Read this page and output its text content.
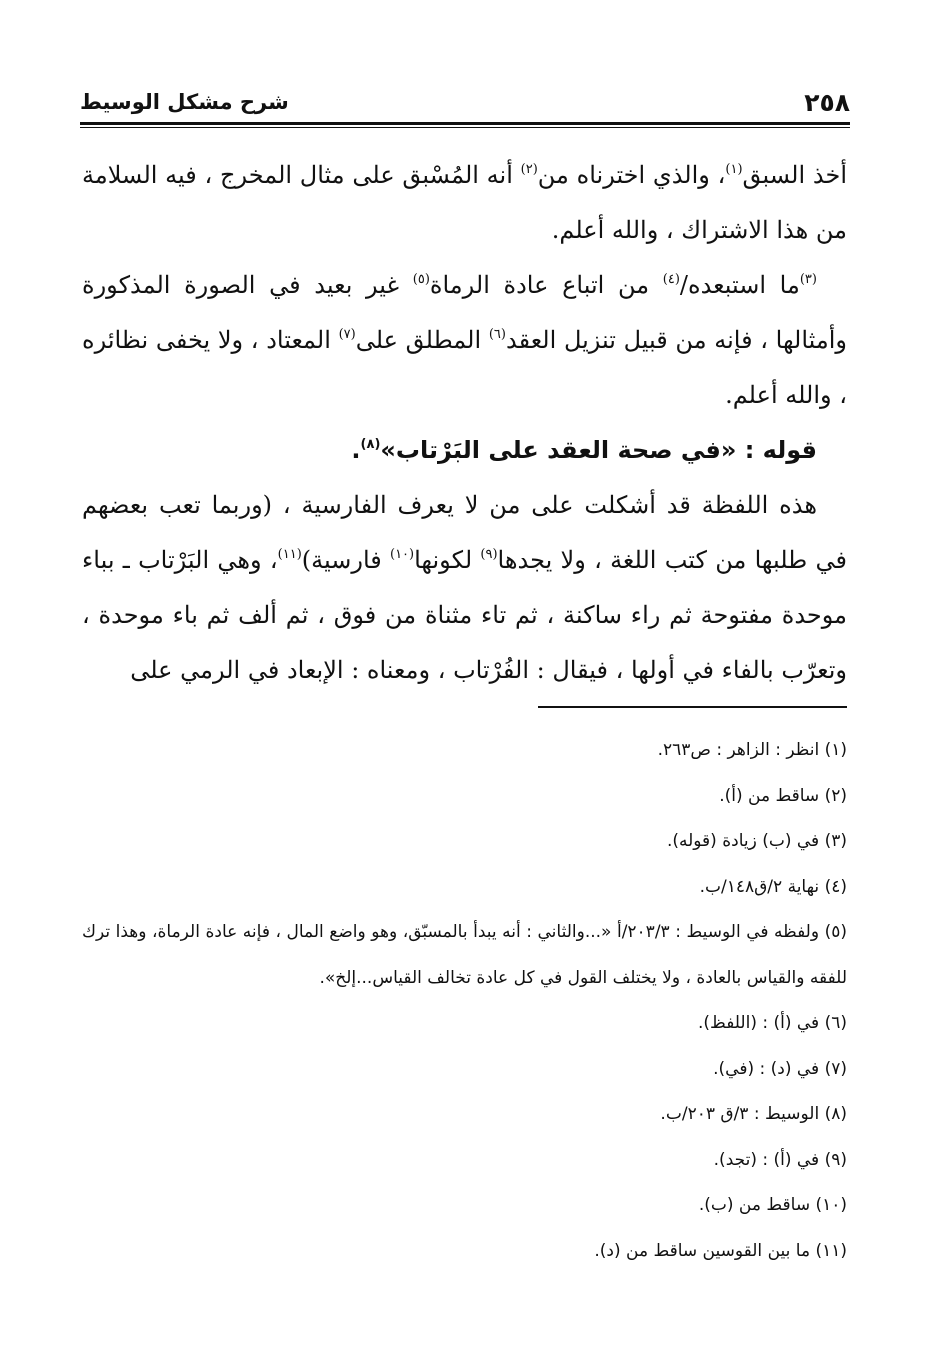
٢٥٨
شرح مشكل الوسيط

أخذ السبق$^{(١)}$، والذي اخترناه من$^{(٢)}$ أنه المُسْبق على مثال المخرج ، فيه السلامة من هذا الاشتراك ، والله أعلم.

$^{(٣)}$ما استبعده/$^{(٤)}$ من اتباع عادة الرماة$^{(٥)}$ غير بعيد في الصورة المذكورة وأمثالها ، فإنه من قبيل تنزيل العقد$^{(٦)}$ المطلق على$^{(٧)}$ المعتاد ، ولا يخفى نظائره ، والله أعلم.

قوله : «في صحة العقد على البَرْتاب»$^{(٨)}$.

هذه اللفظة قد أشكلت على من لا يعرف الفارسية ، (وربما تعب بعضهم في طلبها من كتب اللغة ، ولا يجدها$^{(٩)}$ لكونها$^{(١٠)}$ فارسية)$^{(١١)}$، وهي البَرْتاب ـ بباء موحدة مفتوحة ثم راء ساكنة ، ثم تاء مثناة من فوق ، ثم ألف ثم باء موحدة ، وتعرّب بالفاء في أولها ، فيقال : الفُرْتاب ، ومعناه : الإبعاد في الرمي على

(١) انظر : الزاهر : ص٢٦٣.

(٢) ساقط من (أ).

(٣) في (ب) زيادة (قوله).

(٤) نهاية ٢/ق١٤٨/ب.

(٥) ولفظه في الوسيط : ٢٠٣/٣/أ «...والثاني : أنه يبدأ بالمسبّق، وهو واضع المال ، فإنه عادة الرماة، وهذا ترك للفقه والقياس بالعادة ، ولا يختلف القول في كل عادة تخالف القياس...إلخ».

(٦) في (أ) : (اللفظ).

(٧) في (د) : (في).

(٨) الوسيط : ٣/ق ٢٠٣/ب.

(٩) في (أ) : (تجد).

(١٠) ساقط من (ب).

(١١) ما بين القوسين ساقط من (د).
